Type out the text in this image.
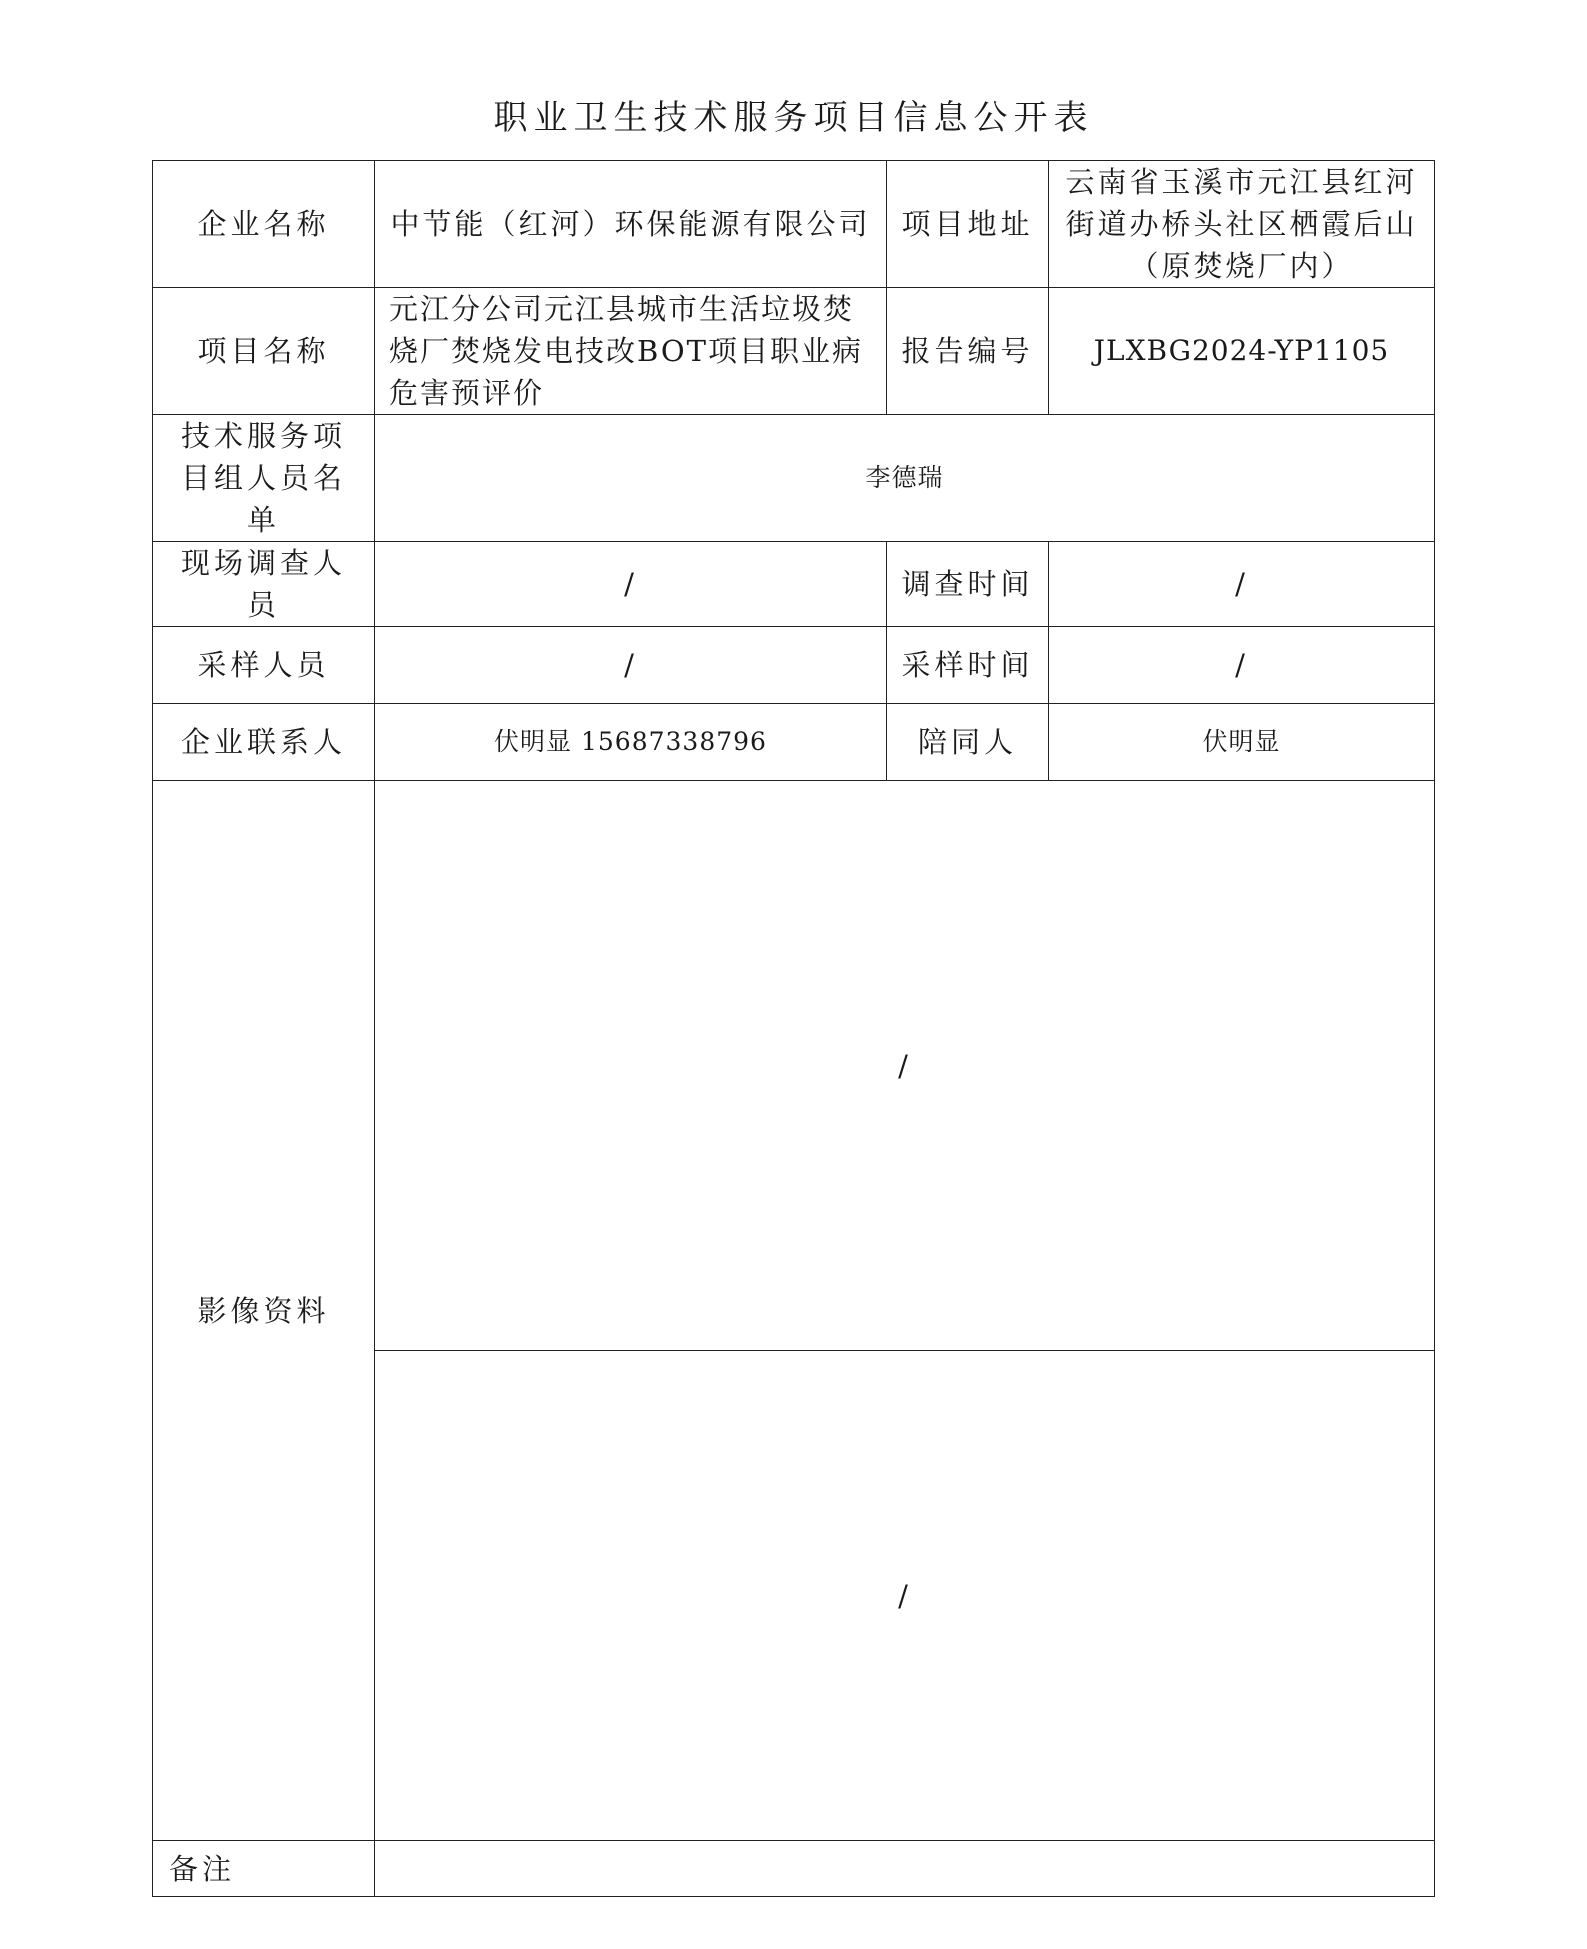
职业卫生技术服务项目信息公开表
企业名称	中节能（红河）环保能源有限公司	项目地址	云南省玉溪市元江县红河街道办桥头社区栖霞后山（原焚烧厂内）
项目名称	元江分公司元江县城市生活垃圾焚烧厂焚烧发电技改BOT项目职业病危害预评价	报告编号	JLXBG2024-YP1105
技术服务项目组人员名单	李德瑞		
现场调查人员	/	调查时间	/
采样人员	/	采样时间	/
企业联系人	伏明显 15687338796	陪同人	伏明显
影像资料	/		
	/		
备注			
